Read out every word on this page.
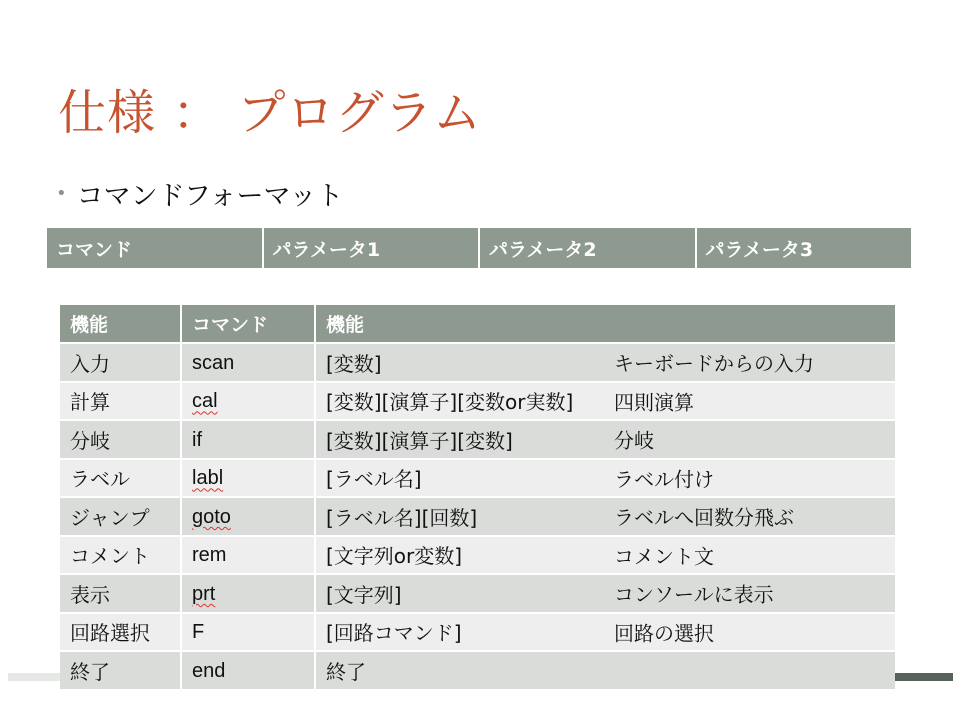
仕様 ： プログラム
• コマンドフォーマット
コマンド	パラメータ1	パラメータ2	パラメータ3
機能	コマンド	機能
入力	scan	[変数] キーボードからの入力

計算	cal	[変数][演算子][変数or実数] 四則演算

分岐	if	[変数][演算子][変数] 分岐

ラベル	labl	[ラベル名] ラベル付け

ジャンプ	goto	[ラベル名][回数] ラベルへ回数分飛ぶ

コメント	rem	[文字列or変数] コメント文

表示	prt	[文字列] コンソールに表示

回路選択	F	[回路コマンド] 回路の選択

終了	end	終了
